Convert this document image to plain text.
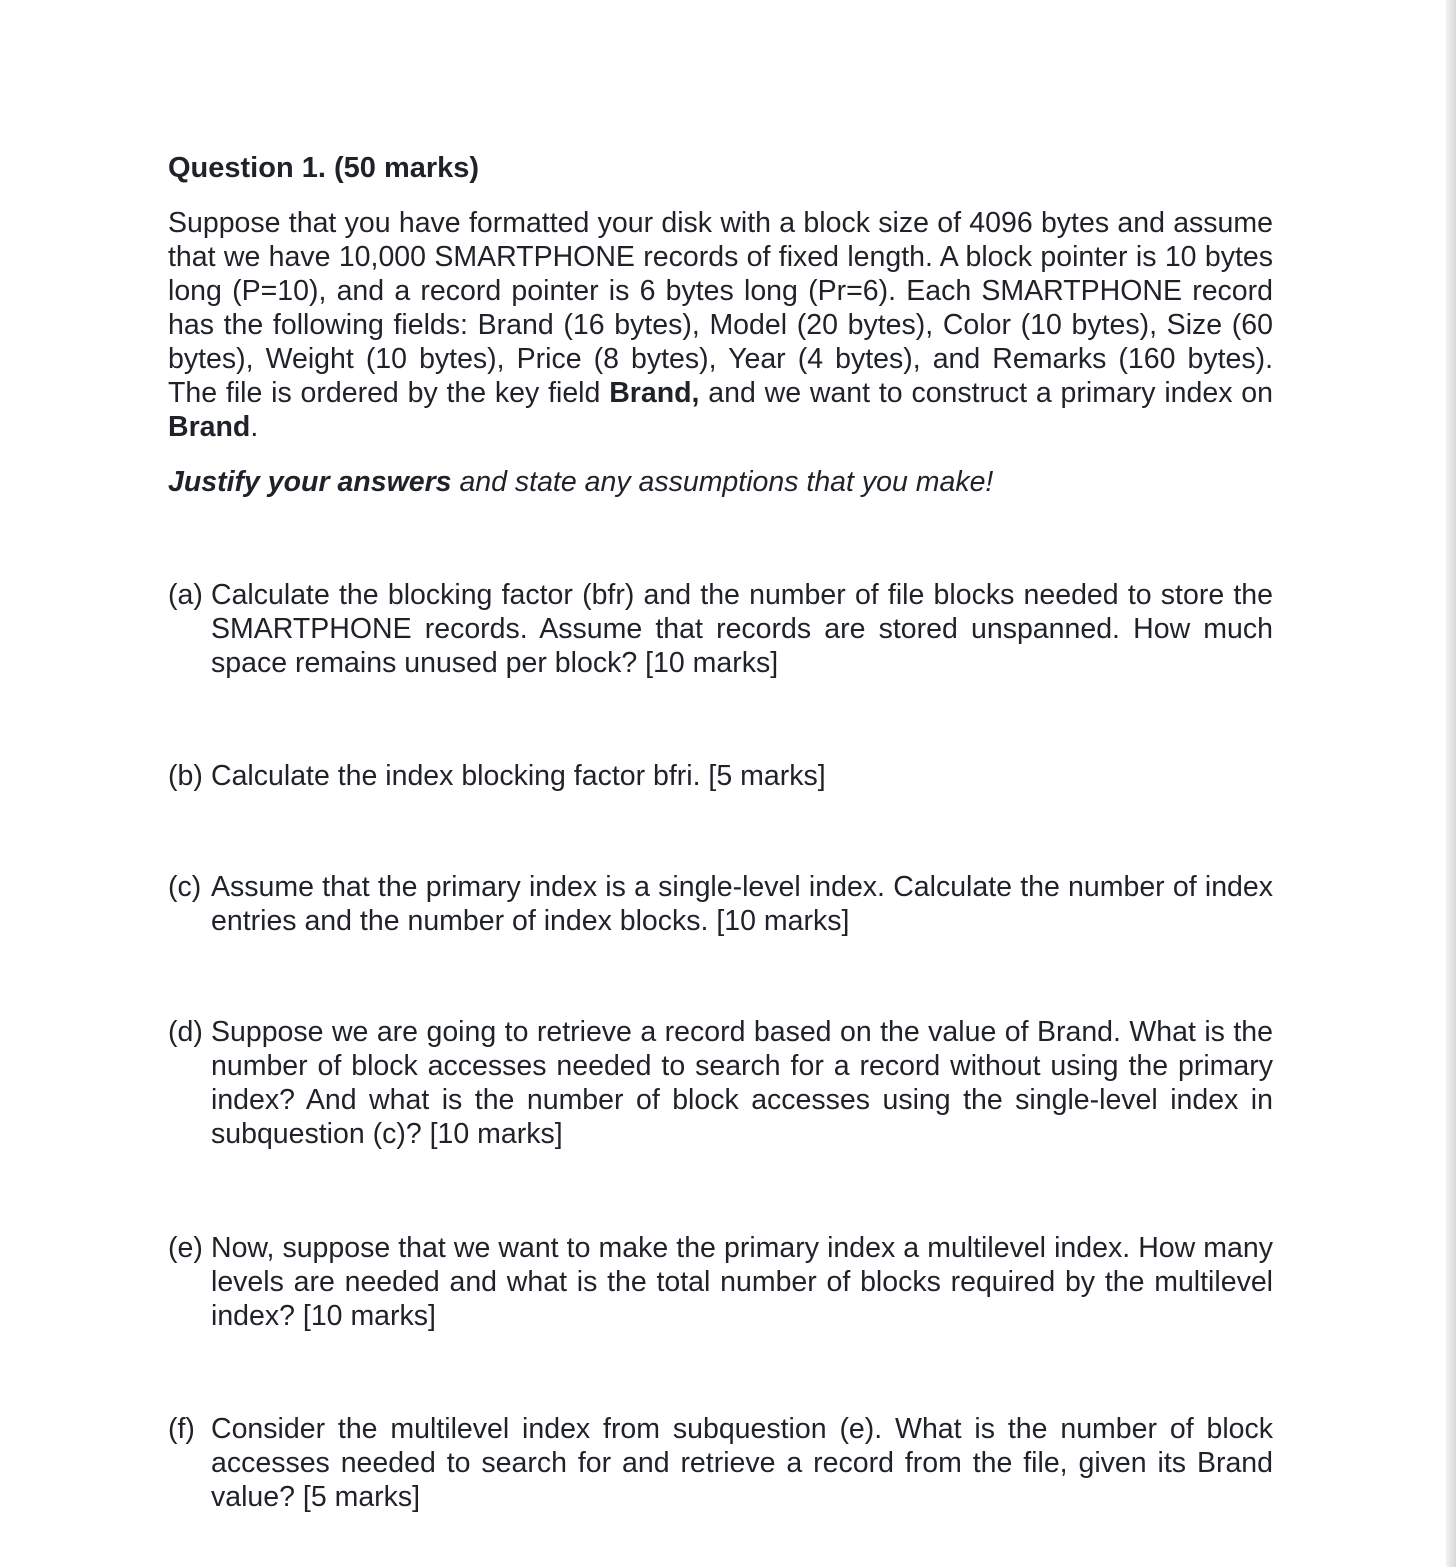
Question 1. (50 marks)

Suppose that you have formatted your disk with a block size of 4096 bytes and assume that we have 10,000 SMARTPHONE records of fixed length. A block pointer is 10 bytes long (P=10), and a record pointer is 6 bytes long (Pr=6). Each SMARTPHONE record has the following fields: Brand (16 bytes), Model (20 bytes), Color (10 bytes), Size (60 bytes), Weight (10 bytes), Price (8 bytes), Year (4 bytes), and Remarks (160 bytes). The file is ordered by the key field Brand, and we want to construct a primary index on Brand.

Justify your answers and state any assumptions that you make!

(a) Calculate the blocking factor (bfr) and the number of file blocks needed to store the SMARTPHONE records. Assume that records are stored unspanned. How much space remains unused per block? [10 marks]
(b) Calculate the index blocking factor bfri. [5 marks]
(c) Assume that the primary index is a single-level index. Calculate the number of index entries and the number of index blocks. [10 marks]
(d) Suppose we are going to retrieve a record based on the value of Brand. What is the number of block accesses needed to search for a record without using the primary index? And what is the number of block accesses using the single-level index in subquestion (c)? [10 marks]
(e) Now, suppose that we want to make the primary index a multilevel index. How many levels are needed and what is the total number of blocks required by the multilevel index? [10 marks]
(f) Consider the multilevel index from subquestion (e). What is the number of block accesses needed to search for and retrieve a record from the file, given its Brand value? [5 marks]
